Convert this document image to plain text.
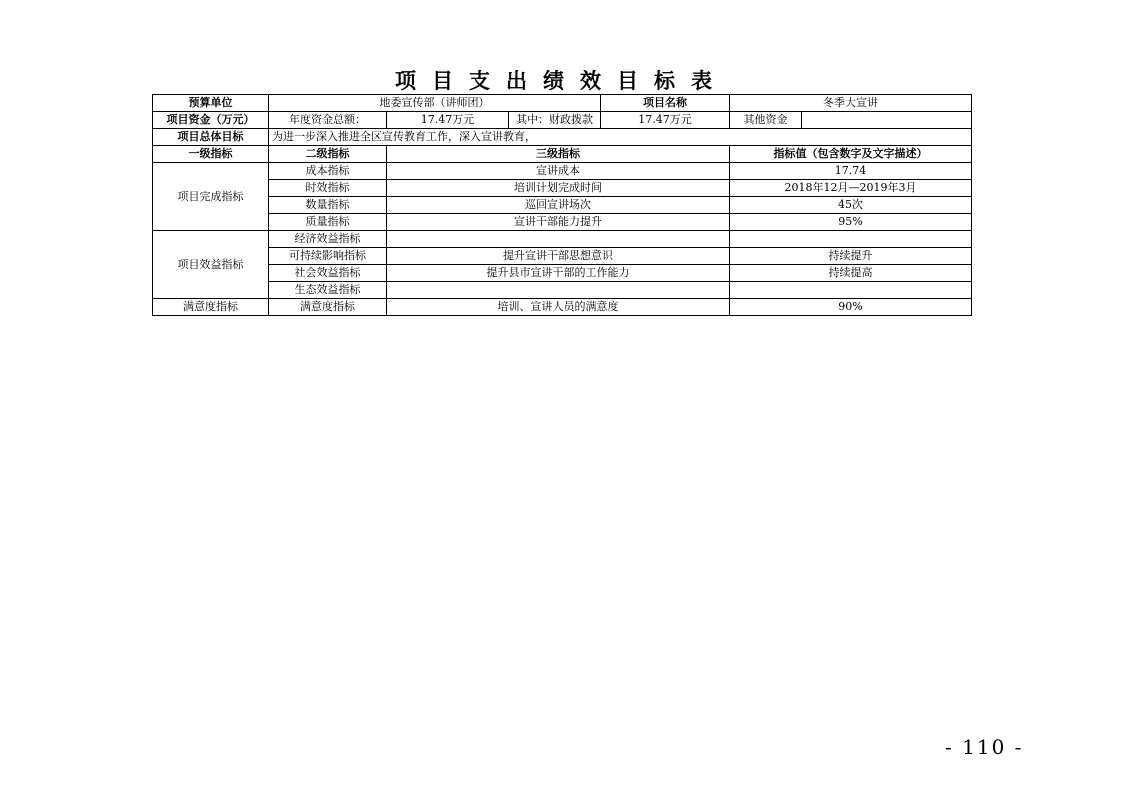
项目支出绩效目标表
预算单位	地委宣传部（讲师团）			项目名称	冬季大宣讲	
项目资金（万元）	年度资金总额：	17.47万元	其中：财政拨款	17.47万元	其他资金	
项目总体目标	为进一步深入推进全区宣传教育工作，深入宣讲教育，					
一级指标	二级指标	三级指标			指标值（包含数字及文字描述）	
项目完成指标	成本指标	宣讲成本			17.74	
	时效指标	培训计划完成时间			2018年12月—2019年3月	
	数量指标	巡回宣讲场次			45次	
	质量指标	宣讲干部能力提升			95%	
项目效益指标	经济效益指标					
	可持续影响指标	提升宣讲干部思想意识			持续提升	
	社会效益指标	提升县市宣讲干部的工作能力			持续提高	
	生态效益指标					
满意度指标	满意度指标	培训、宣讲人员的满意度			90%	
- 110 -
